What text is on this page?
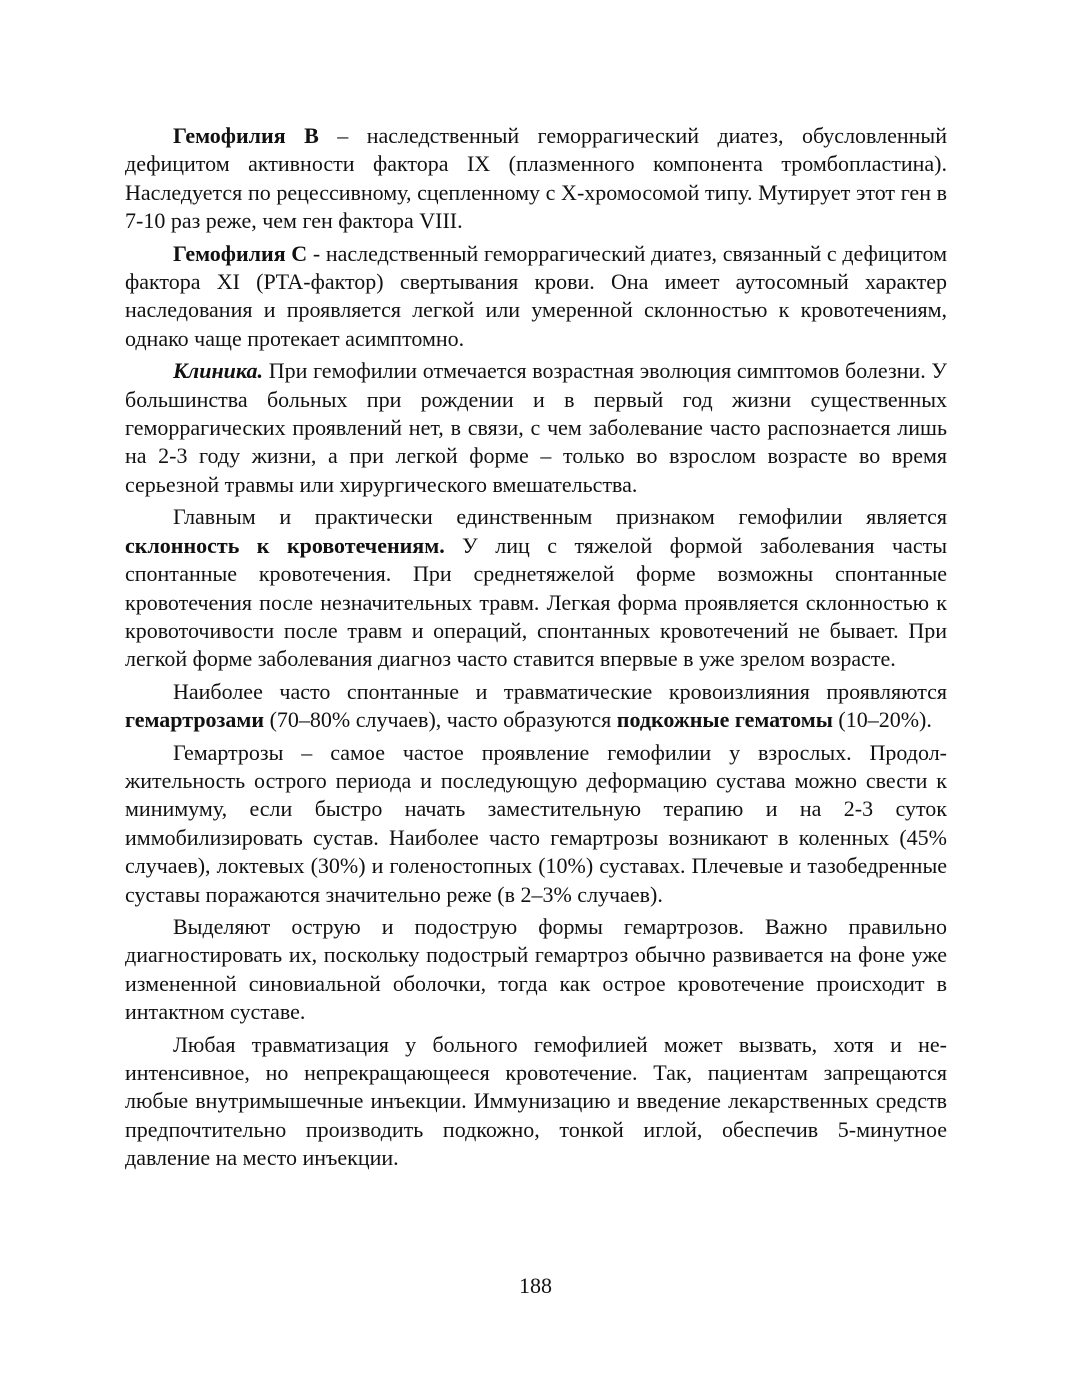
Гемофилия B – наследственный геморрагический диатез, обусловленный дефицитом активности фактора IX (плазменного компонента тромбопластина). Наследуется по рецессивному, сцепленному с X-хромосомой типу. Мутирует этот ген в 7-10 раз реже, чем ген фактора VIII.

Гемофилия C - наследственный геморрагический диатез, связанный с дефицитом фактора XI (PTA-фактор) свертывания крови. Она имеет аутосомный характер наследования и проявляется легкой или умеренной склонностью к кровотечениям, однако чаще протекает асимптомно.

Клиника. При гемофилии отмечается возрастная эволюция симптомов болезни. У большинства больных при рождении и в первый год жизни существенных геморрагических проявлений нет, в связи, с чем заболевание часто распознается лишь на 2-3 году жизни, а при легкой форме – только во взрослом возрасте во время серьезной травмы или хирургического вмешательства.

Главным и практически единственным признаком гемофилии является склонность к кровотечениям. У лиц с тяжелой формой заболевания часты спонтанные кровотечения. При среднетяжелой форме возможны спонтанные кровотечения после незначительных травм. Легкая форма проявляется склонностью к кровоточивости после травм и операций, спонтанных кровотечений не бывает. При легкой форме заболевания диагноз часто ставится впервые в уже зрелом возрасте.

Наиболее часто спонтанные и травматические кровоизлияния проявляются гемартрозами (70–80% случаев), часто образуются подкожные гематомы (10–20%).

Гемартрозы – самое частое проявление гемофилии у взрослых. Продолжительность острого периода и последующую деформацию сустава можно свести к минимуму, если быстро начать заместительную терапию и на 2-3 суток иммобилизировать сустав. Наиболее часто гемартрозы возникают в коленных (45% случаев), локтевых (30%) и голеностопных (10%) суставах. Плечевые и тазобедренные суставы поражаются значительно реже (в 2–3% случаев).

Выделяют острую и подострую формы гемартрозов. Важно правильно диагностировать их, поскольку подострый гемартроз обычно развивается на фоне уже измененной синовиальной оболочки, тогда как острое кровотечение происходит в интактном суставе.

Любая травматизация у больного гемофилией может вызвать, хотя и неинтенсивное, но непрекращающееся кровотечение. Так, пациентам запрещаются любые внутримышечные инъекции. Иммунизацию и введение лекарственных средств предпочтительно производить подкожно, тонкой иглой, обеспечив 5-минутное давление на место инъекции.

188
